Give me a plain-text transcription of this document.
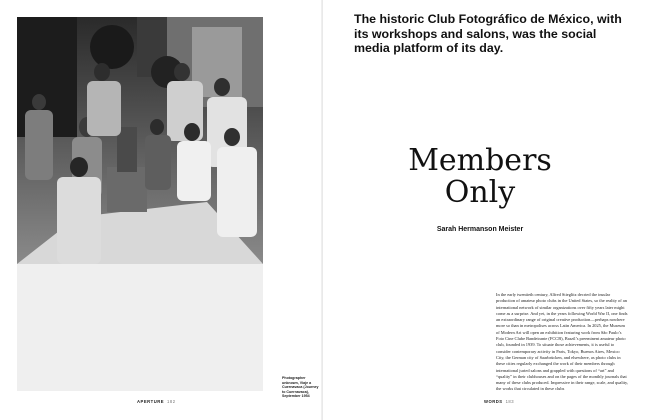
Photographer unknown, Viaje a Cuernavaca (Journey to Cuernavaca), September 1954
APERTURE 182
The historic Club Fotográfico de México, with its workshops and salons, was the social media platform of its day.
Members
Only
Sarah Hermanson Meister
In the early twentieth century, Alfred Stieglitz decried the insular production of amateur photo clubs in the United States, so the reality of an international network of similar organizations over fifty years later might come as a surprise. And yet, in the years following World War II, one finds an extraordinary range of original creative production—perhaps nowhere more so than in metropolises across Latin America. In 2025, the Museum of Modern Art will open an exhibition featuring work from São Paulo’s Foto Cine Clube Bandeirante (FCCB), Brazil’s preeminent amateur photo club, founded in 1939. To situate those achievements, it is useful to consider contemporary activity in Paris, Tokyo, Buenos Aires, Mexico City, the German city of Saarbrücken, and elsewhere, as photo clubs in these cities regularly exchanged the work of their members through international juried salons and grappled with questions of “art” and “quality” in their clubhouses and on the pages of the monthly journals that many of these clubs produced. Impressive in their range, scale, and quality, the works that circulated in these clubs
WORDS 183
